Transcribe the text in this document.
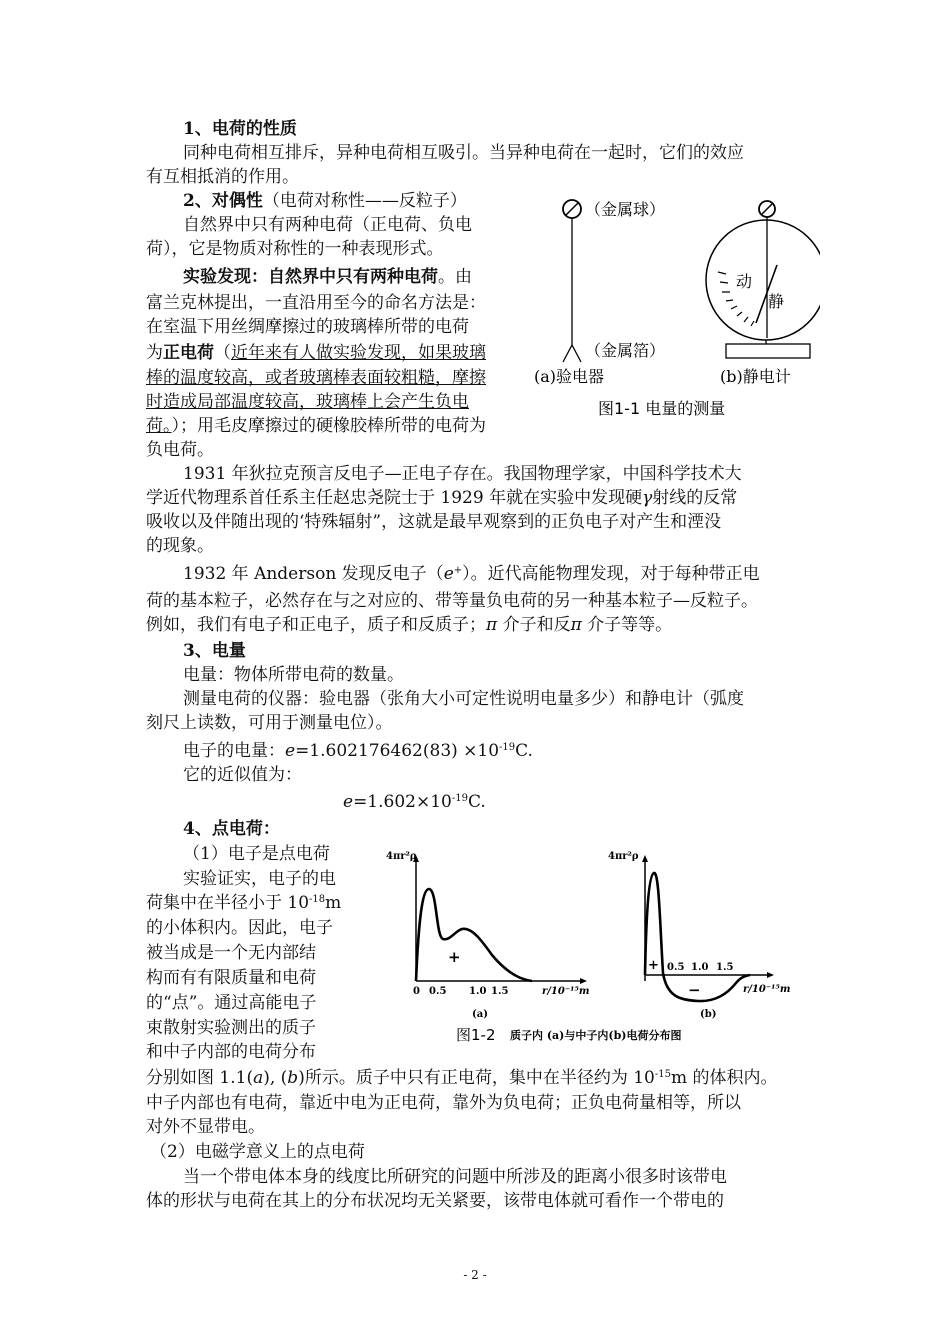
1、电荷的性质
同种电荷相互排斥，异种电荷相互吸引。当异种电荷在一起时，它们的效应
有互相抵消的作用。
2、对偶性（电荷对称性——反粒子）
自然界中只有两种电荷（正电荷、负电
荷），它是物质对称性的一种表现形式。
实验发现：自然界中只有两种电荷。由
富兰克林提出，一直沿用至今的命名方法是：
在室温下用丝绸摩擦过的玻璃棒所带的电荷
为正电荷（近年来有人做实验发现，如果玻璃
棒的温度较高，或者玻璃棒表面较粗糙，摩擦
时造成局部温度较高，玻璃棒上会产生负电
荷。）；用毛皮摩擦过的硬橡胶棒所带的电荷为
负电荷。
（金属球）
（金属箔）
(a)验电器
动
静
(b)静电计
图1-1 电量的测量
1931 年狄拉克预言反电子—正电子存在。我国物理学家，中国科学技术大
学近代物理系首任系主任赵忠尧院士于 1929 年就在实验中发现硬γ射线的反常
吸收以及伴随出现的‘特殊辐射”，这就是最早观察到的正负电子对产生和湮没
的现象。
1932 年 Anderson 发现反电子（e+）。近代高能物理发现，对于每种带正电
荷的基本粒子，必然存在与之对应的、带等量负电荷的另一种基本粒子—反粒子。
例如，我们有电子和正电子，质子和反质子；π 介子和反π 介子等等。
3、电量
电量：物体所带电荷的数量。
测量电荷的仪器：验电器（张角大小可定性说明电量多少）和静电计（弧度
刻尺上读数，可用于测量电位）。
电子的电量：$e=1.602176462(83) \times 10^{-19}C$.
它的近似值为：
$e=1.602\times 10^{-19}C$.
4、点电荷：
（1）电子是点电荷
实验证实，电子的电
荷集中在半径小于 $10^{-18}m$
的小体积内。因此，电子
被当成是一个无内部结
构而有有限质量和电荷
的“点”。通过高能电子
束散射实验测出的质子
和中子内部的电荷分布
分别如图 1.1(a), (b)所示。质子中只有正电荷，集中在半径约为 $10^{-15}m$ 的体积内。
中子内部也有电荷，靠近中电为正电荷，靠外为负电荷；正负电荷量相等，所以
对外不显带电。
（2）电磁学意义上的点电荷
当一个带电体本身的线度比所研究的问题中所涉及的距离小很多时该带电
体的形状与电荷在其上的分布状况均无关紧要，该带电体就可看作一个带电的
4πr²ρ
+
0 0.5 1.0 1.5	r/10⁻¹⁵m
(a)
4πr²ρ
+ 0.5 1.0 1.5
−	r/10⁻¹⁵m
(b)
图1-2 质子内 (a)与中子内(b)电荷分布图
- 2 -
